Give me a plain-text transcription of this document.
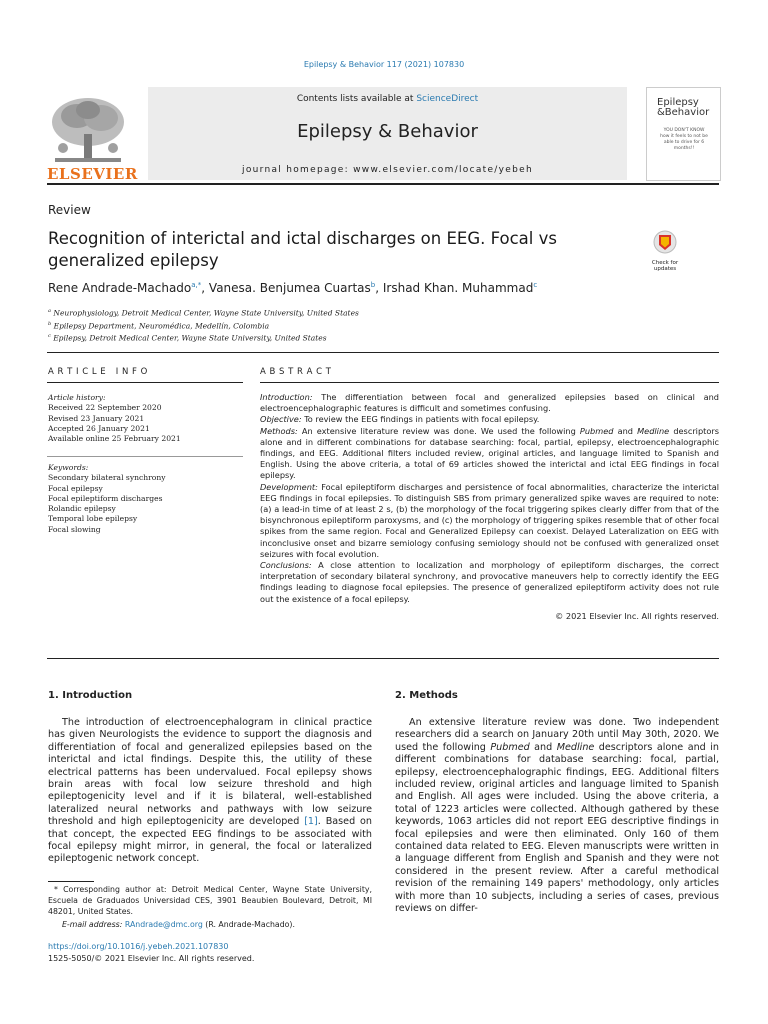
Epilepsy & Behavior 117 (2021) 107830
ELSEVIER
Contents lists available at ScienceDirect
Epilepsy & Behavior
journal homepage: www.elsevier.com/locate/yebeh
Epilepsy
&Behavior
YOU DON'T KNOW how it feels to not be able to drive for 6 months!!
Review
Recognition of interictal and ictal discharges on EEG. Focal vs generalized epilepsy	Check for updates
Rene Andrade-Machado$^{a,*}$, Vanesa. Benjumea Cuartas$^b$, Irshad Khan. Muhammad$^c$
$^a$ Neurophysiology, Detroit Medical Center, Wayne State University, United States
$^b$ Epilepsy Department, Neuromédica, Medellín, Colombia
$^c$ Epilepsy, Detroit Medical Center, Wayne State University, United States
A R T I C L E   I N F O
Article history:
Received 22 September 2020
Revised 23 January 2021
Accepted 26 January 2021
Available online 25 February 2021
Keywords:
Secondary bilateral synchrony
Focal epilepsy
Focal epileptiform discharges
Rolandic epilepsy
Temporal lobe epilepsy
Focal slowing
A B S T R A C T
Introduction: The differentiation between focal and generalized epilepsies based on clinical and electroencephalographic features is difficult and sometimes confusing.
Objective: To review the EEG findings in patients with focal epilepsy.
Methods: An extensive literature review was done. We used the following Pubmed and Medline descriptors alone and in different combinations for database searching: focal, partial, epilepsy, electroencephalographic findings, and EEG. Additional filters included review, original articles, and language limited to Spanish and English. Using the above criteria, a total of 69 articles showed the interictal and ictal EEG findings in focal epilepsy.
Development: Focal epileptiform discharges and persistence of focal abnormalities, characterize the interictal EEG findings in focal epilepsies. To distinguish SBS from primary generalized spike waves are required to note: (a) a lead-in time of at least 2 s, (b) the morphology of the focal triggering spikes clearly differ from that of the bisynchronous epileptiform paroxysms, and (c) the morphology of triggering spikes resemble that of other focal spikes from the same region. Focal and Generalized Epilepsy can coexist. Delayed Lateralization on EEG with inconclusive onset and bizarre semiology confusing semiology should not be confused with generalized onset seizures with focal evolution.
Conclusions: A close attention to localization and morphology of epileptiform discharges, the correct interpretation of secondary bilateral synchrony, and provocative maneuvers help to correctly identify the EEG findings leading to diagnose focal epilepsies. The presence of generalized epileptiform activity does not rule out the existence of a focal epilepsy.
© 2021 Elsevier Inc. All rights reserved.
1. Introduction
The introduction of electroencephalogram in clinical practice has given Neurologists the evidence to support the diagnosis and differentiation of focal and generalized epilepsies based on the interictal and ictal findings. Despite this, the utility of these electrical patterns has been undervalued. Focal epilepsy shows brain areas with focal low seizure threshold and high epileptogenicity level and if it is bilateral, well-established lateralized neural networks and pathways with low seizure threshold and high epileptogenicity are developed [1]. Based on that concept, the expected EEG findings to be associated with focal epilepsy might mirror, in general, the focal or lateralized epileptogenic network concept.
* Corresponding author at: Detroit Medical Center, Wayne State University, Escuela de Graduados Universidad CES, 3901 Beaubien Boulevard, Detroit, MI 48201, United States.
E-mail address: RAndrade@dmc.org (R. Andrade-Machado).
https://doi.org/10.1016/j.yebeh.2021.107830
1525-5050/© 2021 Elsevier Inc. All rights reserved.
2. Methods
An extensive literature review was done. Two independent researchers did a search on January 20th until May 30th, 2020. We used the following Pubmed and Medline descriptors alone and in different combinations for database searching: focal, partial, epilepsy, electroencephalographic findings, EEG. Additional filters included review, original articles and language limited to Spanish and English. All ages were included. Using the above criteria, a total of 1223 articles were collected. Although gathered by these keywords, 1063 articles did not report EEG descriptive findings in focal epilepsies and were then eliminated. Only 160 of them contained data related to EEG. Eleven manuscripts were written in a language different from English and Spanish and they were not considered in the present review. After a careful methodical revision of the remaining 149 papers' methodology, only articles with more than 10 subjects, including a series of cases, previous reviews on differ-
